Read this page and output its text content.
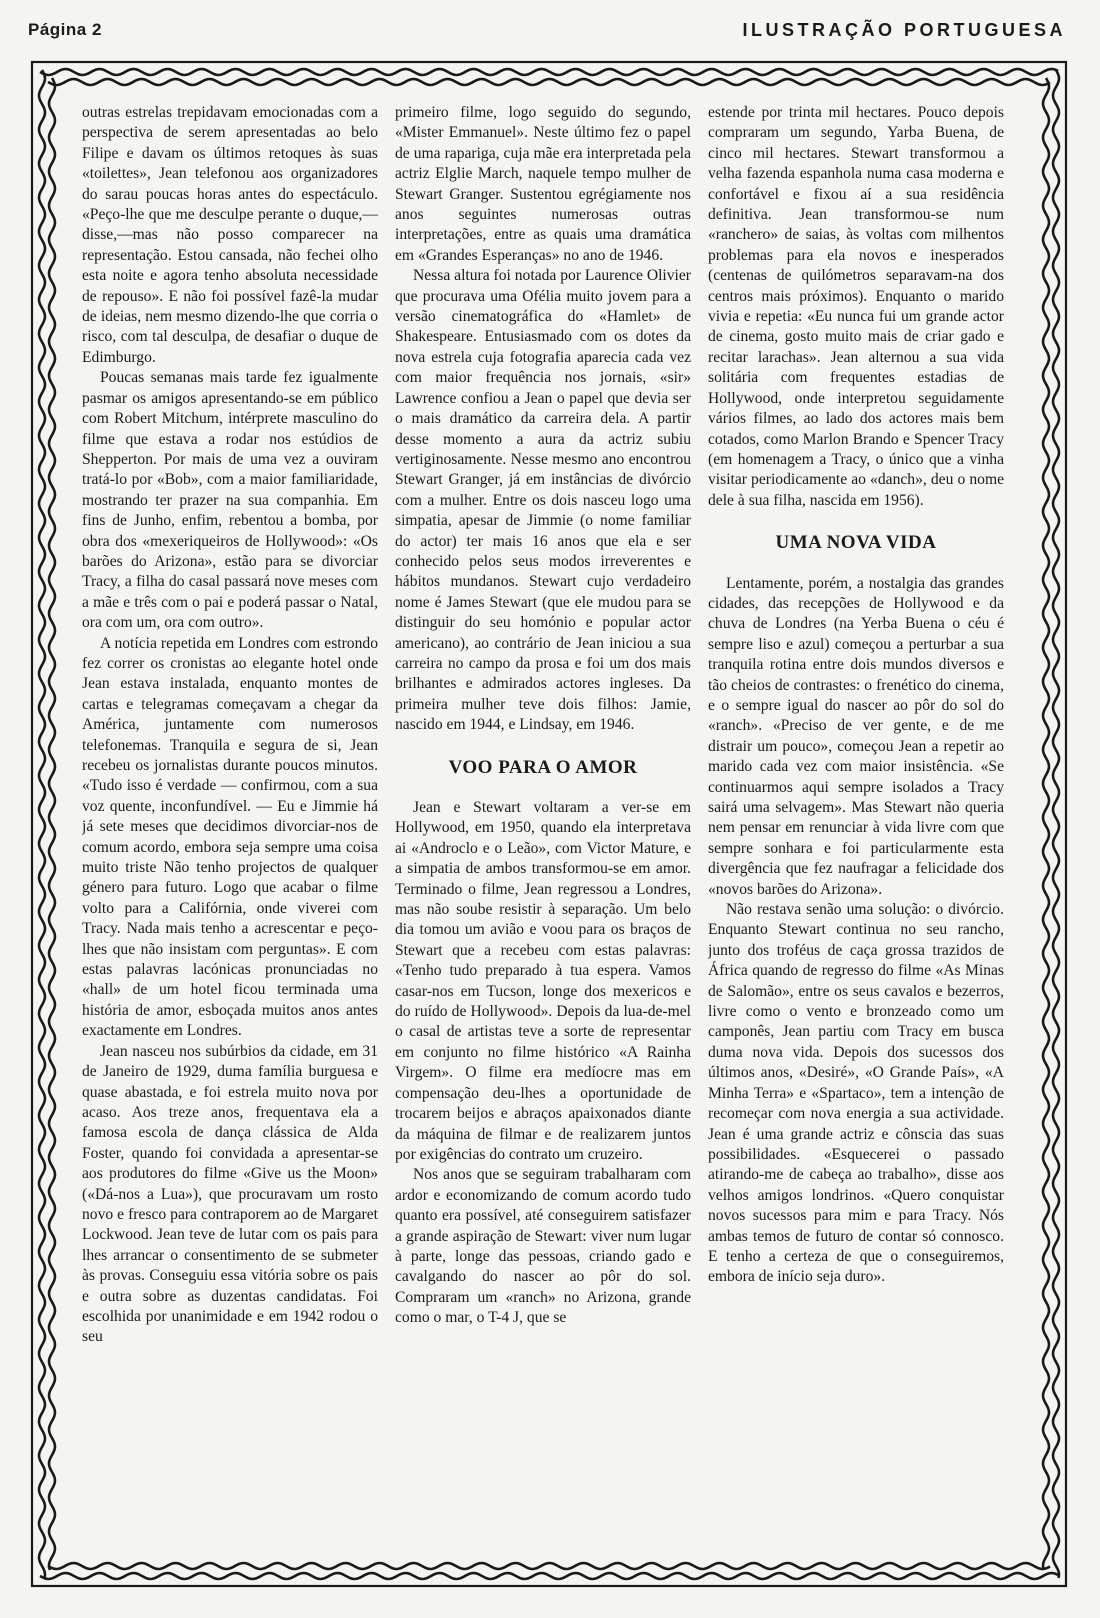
Página 2	ILUSTRAÇÃO PORTUGUESA

outras estrelas trepidavam emocionadas com a perspectiva de serem apresentadas ao belo Filipe e davam os últimos retoques às suas «toilettes», Jean telefonou aos organizadores do sarau poucas horas antes do espectáculo. «Peço-lhe que me desculpe perante o duque,—disse,—mas não posso comparecer na representação. Estou cansada, não fechei olho esta noite e agora tenho absoluta necessidade de repouso». E não foi possível fazê-la mudar de ideias, nem mesmo dizendo-lhe que corria o risco, com tal desculpa, de desafiar o duque de Edimburgo.

Poucas semanas mais tarde fez igualmente pasmar os amigos apresentando-se em público com Robert Mitchum, intérprete masculino do filme que estava a rodar nos estúdios de Shepperton. Por mais de uma vez a ouviram tratá-lo por «Bob», com a maior familiaridade, mostrando ter prazer na sua companhia. Em fins de Junho, enfim, rebentou a bomba, por obra dos «mexeriqueiros de Hollywood»: «Os barões do Arizona», estão para se divorciar Tracy, a filha do casal passará nove meses com a mãe e três com o pai e poderá passar o Natal, ora com um, ora com outro».

A notícia repetida em Londres com estrondo fez correr os cronistas ao elegante hotel onde Jean estava instalada, enquanto montes de cartas e telegramas começavam a chegar da América, juntamente com numerosos telefonemas. Tranquila e segura de si, Jean recebeu os jornalistas durante poucos minutos. «Tudo isso é verdade — confirmou, com a sua voz quente, inconfundível. — Eu e Jimmie há já sete meses que decidimos divorciar-nos de comum acordo, embora seja sempre uma coisa muito triste Não tenho projectos de qualquer género para futuro. Logo que acabar o filme volto para a Califórnia, onde viverei com Tracy. Nada mais tenho a acrescentar e peço-lhes que não insistam com perguntas». E com estas palavras lacónicas pronunciadas no «hall» de um hotel ficou terminada uma história de amor, esboçada muitos anos antes exactamente em Londres.

Jean nasceu nos subúrbios da cidade, em 31 de Janeiro de 1929, duma família burguesa e quase abastada, e foi estrela muito nova por acaso. Aos treze anos, frequentava ela a famosa escola de dança clássica de Alda Foster, quando foi convidada a apresentar-se aos produtores do filme «Give us the Moon» («Dá-nos a Lua»), que procuravam um rosto novo e fresco para contraporem ao de Margaret Lockwood. Jean teve de lutar com os pais para lhes arrancar o consentimento de se submeter às provas. Conseguiu essa vitória sobre os pais e outra sobre as duzentas candidatas. Foi escolhida por unanimidade e em 1942 rodou o seu

primeiro filme, logo seguido do segundo, «Mister Emmanuel». Neste último fez o papel de uma rapariga, cuja mãe era interpretada pela actriz Elglie March, naquele tempo mulher de Stewart Granger. Sustentou egrégiamente nos anos seguintes numerosas outras interpretações, entre as quais uma dramática em «Grandes Esperanças» no ano de 1946.

Nessa altura foi notada por Laurence Olivier que procurava uma Ofélia muito jovem para a versão cinematográfica do «Hamlet» de Shakespeare. Entusiasmado com os dotes da nova estrela cuja fotografia aparecia cada vez com maior frequência nos jornais, «sir» Lawrence confiou a Jean o papel que devia ser o mais dramático da carreira dela. A partir desse momento a aura da actriz subiu vertiginosamente. Nesse mesmo ano encontrou Stewart Granger, já em instâncias de divórcio com a mulher. Entre os dois nasceu logo uma simpatia, apesar de Jimmie (o nome familiar do actor) ter mais 16 anos que ela e ser conhecido pelos seus modos irreverentes e hábitos mundanos. Stewart cujo verdadeiro nome é James Stewart (que ele mudou para se distinguir do seu homónio e popular actor americano), ao contrário de Jean iniciou a sua carreira no campo da prosa e foi um dos mais brilhantes e admirados actores ingleses. Da primeira mulher teve dois filhos: Jamie, nascido em 1944, e Lindsay, em 1946.

VOO PARA O AMOR

Jean e Stewart voltaram a ver-se em Hollywood, em 1950, quando ela interpretava ai «Androclo e o Leão», com Victor Mature, e a simpatia de ambos transformou-se em amor. Terminado o filme, Jean regressou a Londres, mas não soube resistir à separação. Um belo dia tomou um avião e voou para os braços de Stewart que a recebeu com estas palavras: «Tenho tudo preparado à tua espera. Vamos casar-nos em Tucson, longe dos mexericos e do ruído de Hollywood». Depois da lua-de-mel o casal de artistas teve a sorte de representar em conjunto no filme histórico «A Rainha Virgem». O filme era medíocre mas em compensação deu-lhes a oportunidade de trocarem beijos e abraços apaixonados diante da máquina de filmar e de realizarem juntos por exigências do contrato um cruzeiro.

Nos anos que se seguiram trabalharam com ardor e economizando de comum acordo tudo quanto era possível, até conseguirem satisfazer a grande aspiração de Stewart: viver num lugar à parte, longe das pessoas, criando gado e cavalgando do nascer ao pôr do sol. Compraram um «ranch» no Arizona, grande como o mar, o T-4 J, que se

estende por trinta mil hectares. Pouco depois compraram um segundo, Yarba Buena, de cinco mil hectares. Stewart transformou a velha fazenda espanhola numa casa moderna e confortável e fixou aí a sua residência definitiva. Jean transformou-se num «ranchero» de saias, às voltas com milhentos problemas para ela novos e inesperados (centenas de quilómetros separavam-na dos centros mais próximos). Enquanto o marido vivia e repetia: «Eu nunca fui um grande actor de cinema, gosto muito mais de criar gado e recitar larachas». Jean alternou a sua vida solitária com frequentes estadias de Hollywood, onde interpretou seguidamente vários filmes, ao lado dos actores mais bem cotados, como Marlon Brando e Spencer Tracy (em homenagem a Tracy, o único que a vinha visitar periodicamente ao «danch», deu o nome dele à sua filha, nascida em 1956).

UMA NOVA VIDA

Lentamente, porém, a nostalgia das grandes cidades, das recepções de Hollywood e da chuva de Londres (na Yerba Buena o céu é sempre liso e azul) começou a perturbar a sua tranquila rotina entre dois mundos diversos e tão cheios de contrastes: o frenético do cinema, e o sempre igual do nascer ao pôr do sol do «ranch». «Preciso de ver gente, e de me distrair um pouco», começou Jean a repetir ao marido cada vez com maior insistência. «Se continuarmos aqui sempre isolados a Tracy sairá uma selvagem». Mas Stewart não queria nem pensar em renunciar à vida livre com que sempre sonhara e foi particularmente esta divergência que fez naufragar a felicidade dos «novos barões do Arizona».

Não restava senão uma solução: o divórcio. Enquanto Stewart continua no seu rancho, junto dos troféus de caça grossa trazidos de África quando de regresso do filme «As Minas de Salomão», entre os seus cavalos e bezerros, livre como o vento e bronzeado como um camponês, Jean partiu com Tracy em busca duma nova vida. Depois dos sucessos dos últimos anos, «Desiré», «O Grande País», «A Minha Terra» e «Spartaco», tem a intenção de recomeçar com nova energia a sua actividade. Jean é uma grande actriz e cônscia das suas possibilidades. «Esquecerei o passado atirando-me de cabeça ao trabalho», disse aos velhos amigos londrinos. «Quero conquistar novos sucessos para mim e para Tracy. Nós ambas temos de futuro de contar só connosco. E tenho a certeza de que o conseguiremos, embora de início seja duro».
